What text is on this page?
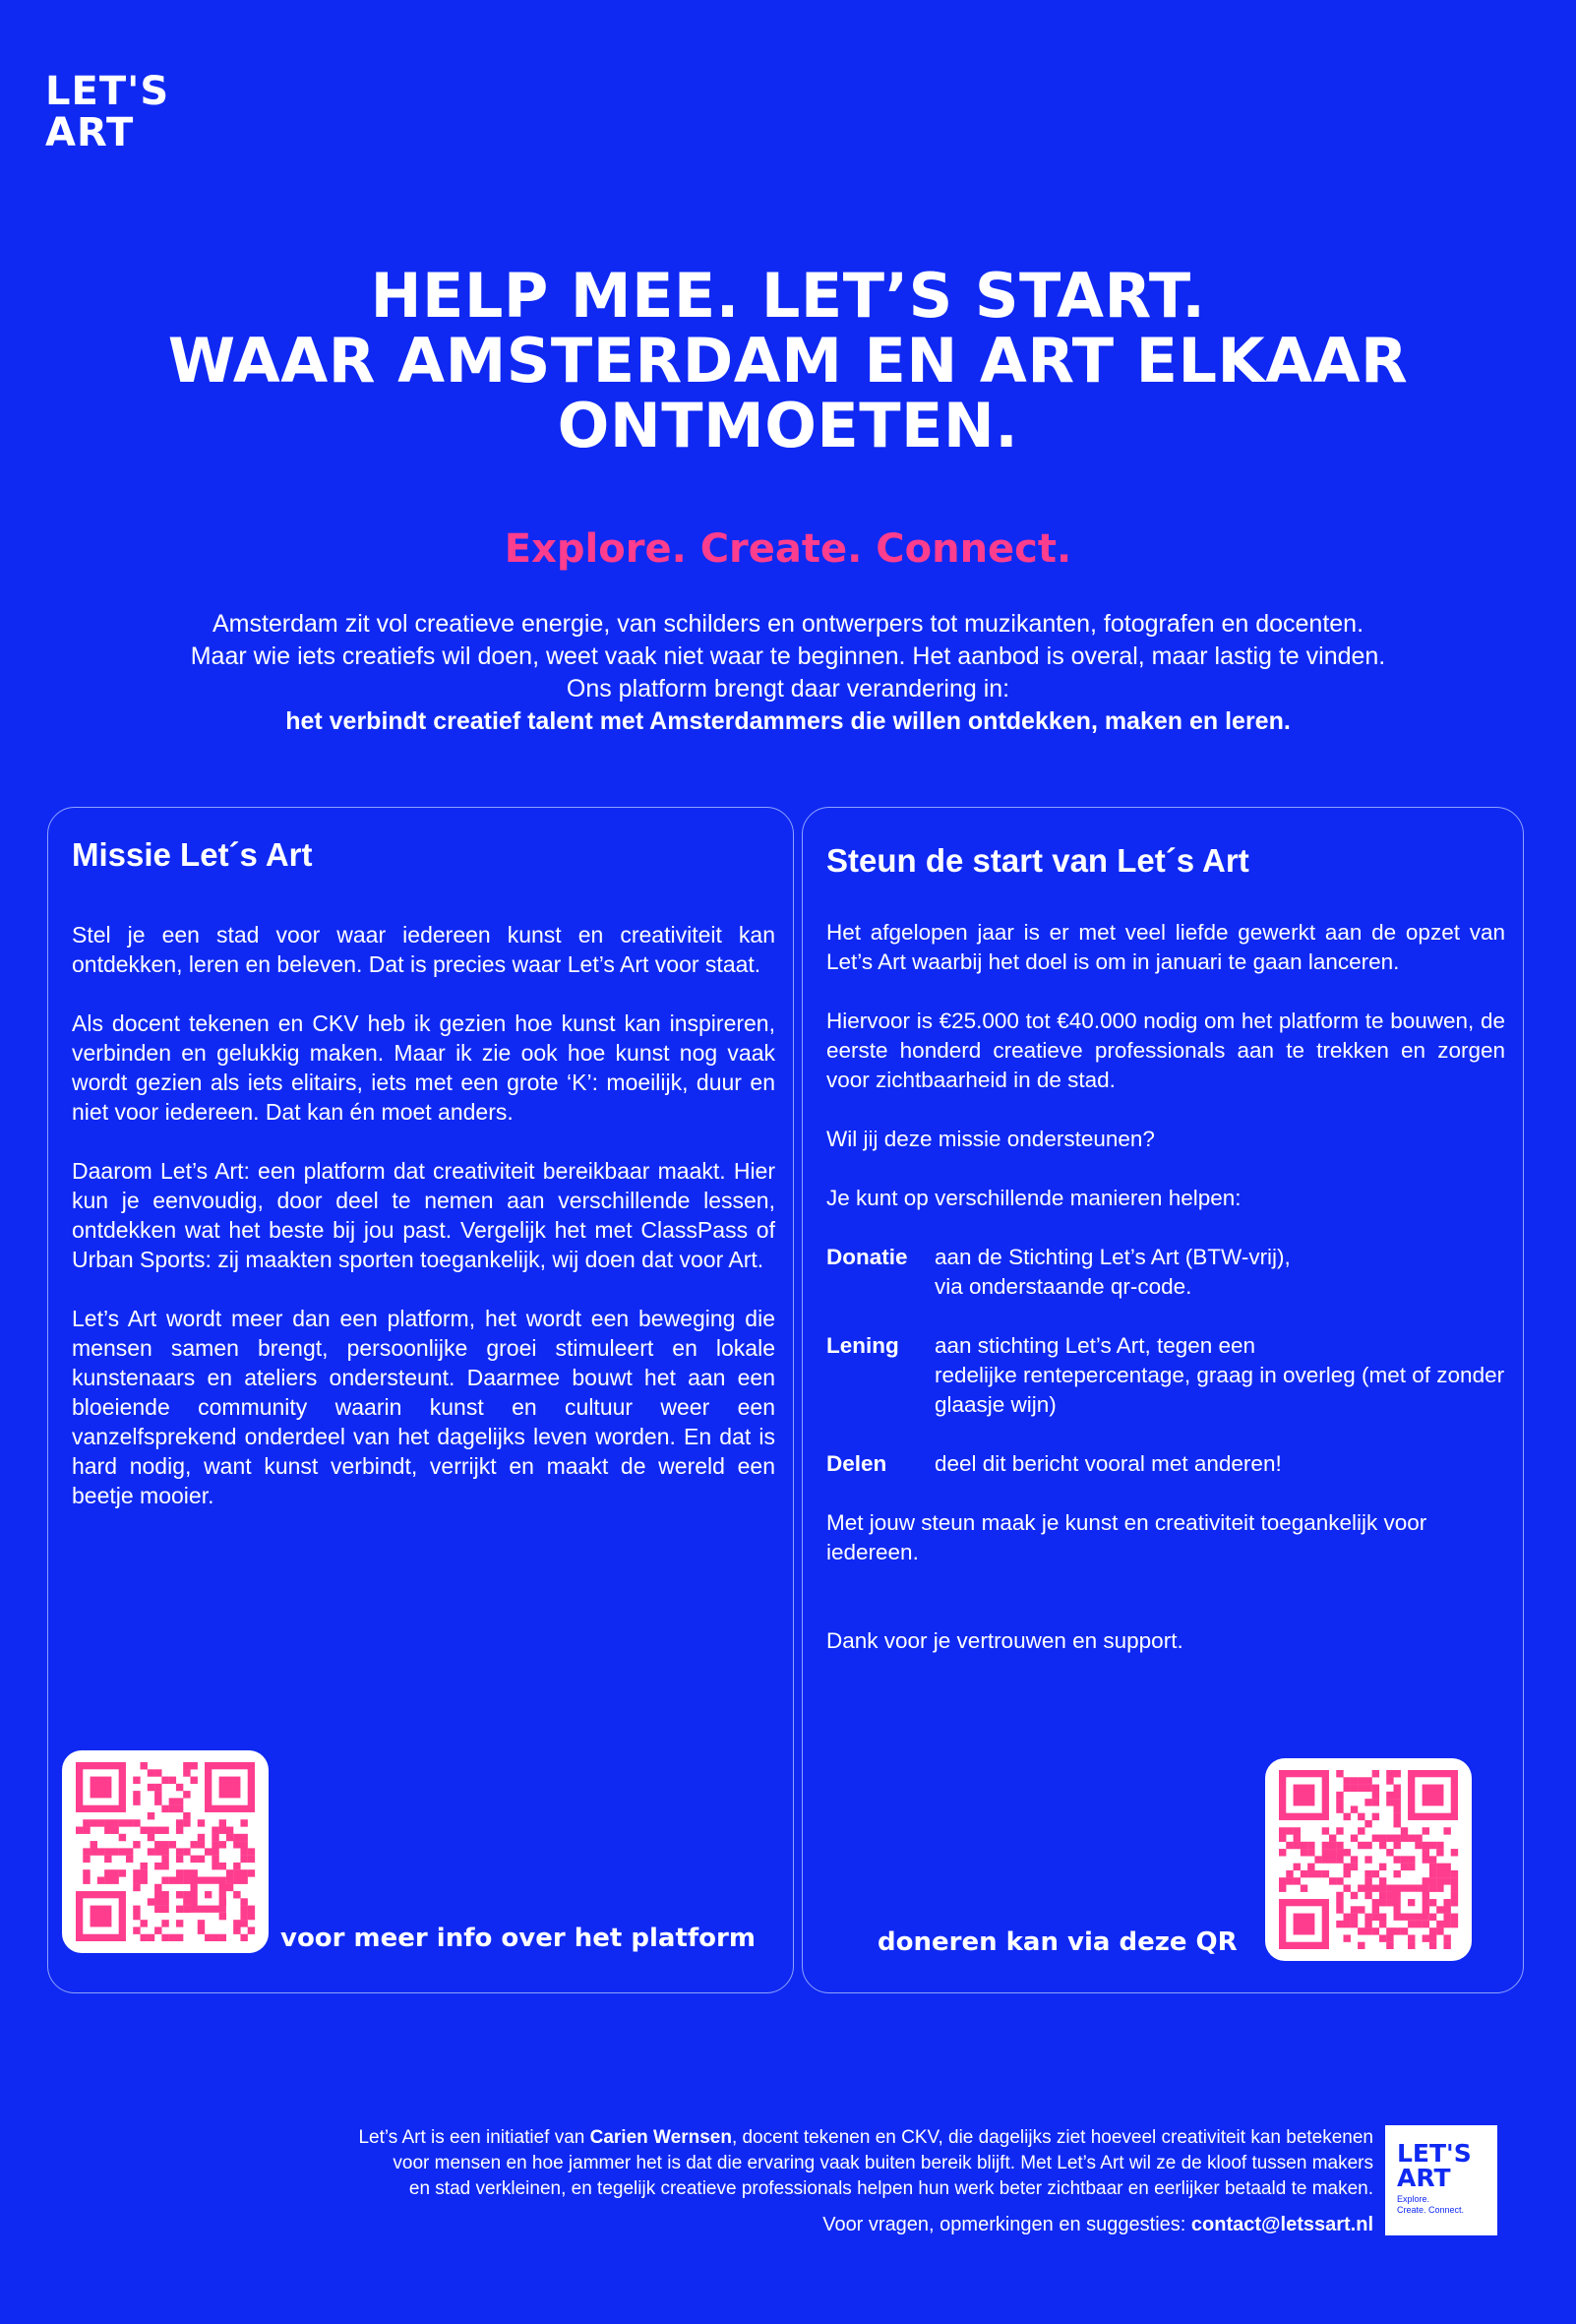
LET'S
ART
HELP MEE. LET’S START.
WAAR AMSTERDAM EN ART ELKAAR
ONTMOETEN.
Explore. Create. Connect.
Amsterdam zit vol creatieve energie, van schilders en ontwerpers tot muzikanten, fotografen en docenten.
Maar wie iets creatiefs wil doen, weet vaak niet waar te beginnen. Het aanbod is overal, maar lastig te vinden.
Ons platform brengt daar verandering in:
het verbindt creatief talent met Amsterdammers die willen ontdekken, maken en leren.
Missie Let´s Art

Stel je een stad voor waar iedereen kunst en creativiteit kan ontdekken, leren en beleven. Dat is precies waar Let’s Art voor staat.

Als docent tekenen en CKV heb ik gezien hoe kunst kan inspireren, verbinden en gelukkig maken. Maar ik zie ook hoe kunst nog vaak wordt gezien als iets elitairs, iets met een grote ‘K’: moeilijk, duur en niet voor iedereen. Dat kan én moet anders.

Daarom Let’s Art: een platform dat creativiteit bereikbaar maakt. Hier kun je eenvoudig, door deel te nemen aan verschillende lessen, ontdekken wat het beste bij jou past. Vergelijk het met ClassPass of Urban Sports: zij maakten sporten toegankelijk, wij doen dat voor Art.

Let’s Art wordt meer dan een platform, het wordt een beweging die mensen samen brengt, persoonlijke groei stimuleert en lokale kunstenaars en ateliers ondersteunt. Daarmee bouwt het aan een bloeiende community waarin kunst en cultuur weer een vanzelfsprekend onderdeel van het dagelijks leven worden. En dat is hard nodig, want kunst verbindt, verrijkt en maakt de wereld een beetje mooier.

voor meer info over het platform
Steun de start van Let´s Art

Het afgelopen jaar is er met veel liefde gewerkt aan de opzet van Let’s Art waarbij het doel is om in januari te gaan lanceren.

Hiervoor is €25.000 tot €40.000 nodig om het platform te bouwen, de eerste honderd creatieve professionals aan te trekken en zorgen voor zichtbaarheid in de stad.

Wil jij deze missie ondersteunen?

Je kunt op verschillende manieren helpen:

Donatie	aan de Stichting Let’s Art (BTW-vrij),
via onderstaande qr-code.
Lening	aan stichting Let’s Art, tegen een
redelijke rentepercentage, graag in overleg (met of zonder glaasje wijn)
Delen	deel dit bericht vooral met anderen!

Met jouw steun maak je kunst en creativiteit toegankelijk voor iedereen.

Dank voor je vertrouwen en support.

doneren kan via deze QR
Let’s Art is een initiatief van Carien Wernsen, docent tekenen en CKV, die dagelijks ziet hoeveel creativiteit kan betekenen
voor mensen en hoe jammer het is dat die ervaring vaak buiten bereik blijft. Met Let’s Art wil ze de kloof tussen makers
en stad verkleinen, en tegelijk creatieve professionals helpen hun werk beter zichtbaar en eerlijker betaald te maken.
Voor vragen, opmerkingen en suggesties: contact@letssart.nl
LET'S
ART
Explore.
Create. Connect.
